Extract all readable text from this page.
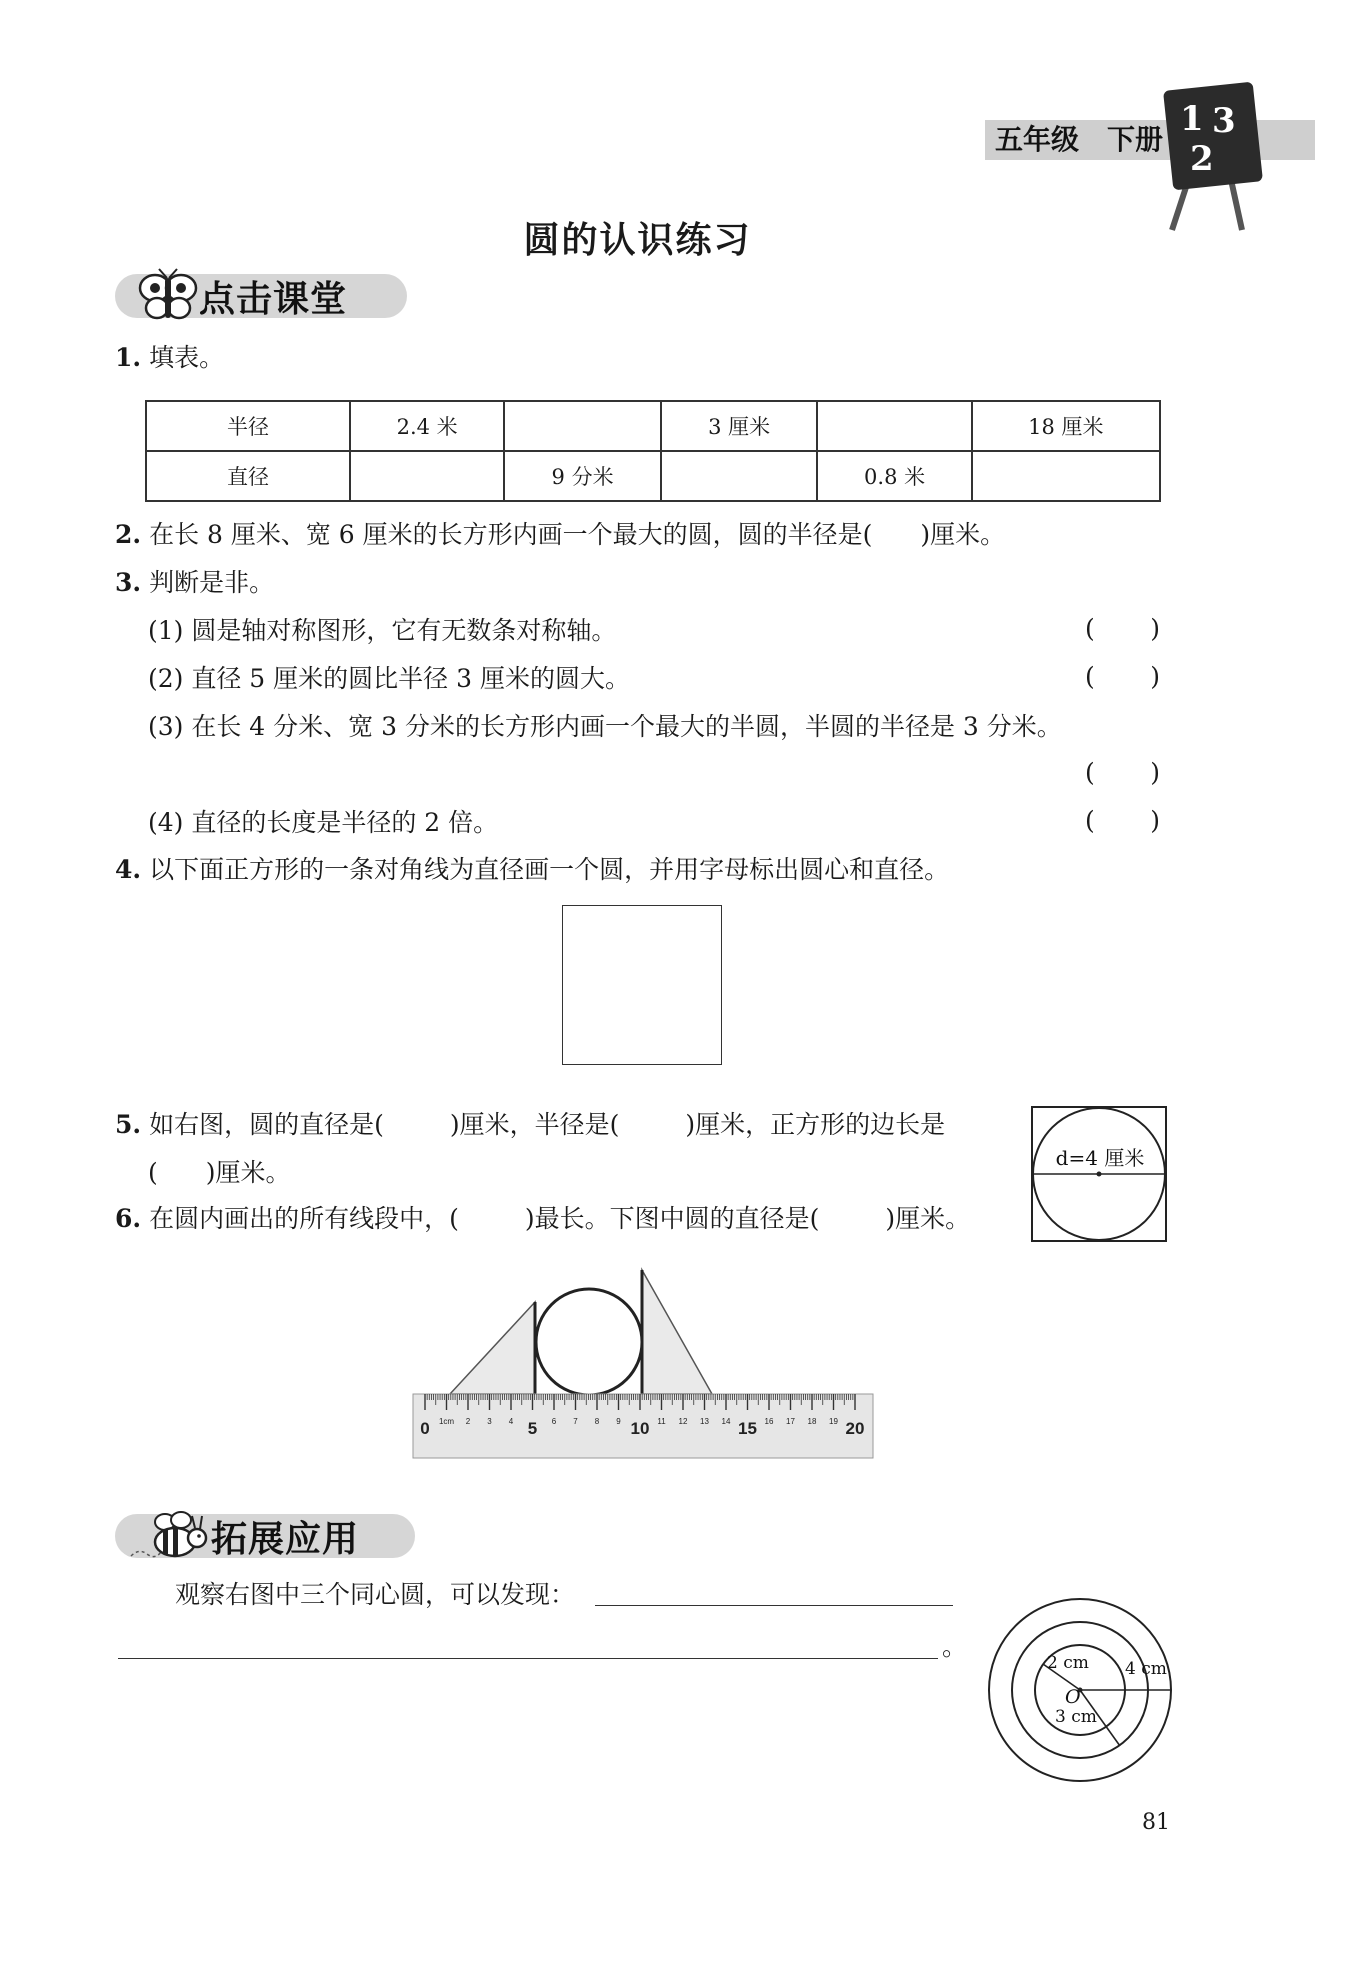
五年级 下册
1 3
2
圆的认识练习
点击课堂
1. 填表。
半径	2.4 米		3 厘米		18 厘米
直径		9 分米		0.8 米	
2. 在长 8 厘米、宽 6 厘米的长方形内画一个最大的圆，圆的半径是( )厘米。
3. 判断是非。
(1) 圆是轴对称图形，它有无数条对称轴。	( )
(2) 直径 5 厘米的圆比半径 3 厘米的圆大。	( )
(3) 在长 4 分米、宽 3 分米的长方形内画一个最大的半圆，半圆的半径是 3 分米。
( )
(4) 直径的长度是半径的 2 倍。	( )
4. 以下面正方形的一条对角线为直径画一个圆，并用字母标出圆心和直径。
5. 如右图，圆的直径是(	)厘米，半径是(	)厘米，正方形的边长是
( )厘米。	d=4 厘米
6. 在圆内画出的所有线段中，(	)最长。下图中圆的直径是(	)厘米。
0 1cm 2 3 4 5 6 7 8 9 10 11 12 13 14 15 16 17 18 19 20
拓展应用
观察右图中三个同心圆，可以发现：
。
2 cm 4 cm
3 cm
O
81
